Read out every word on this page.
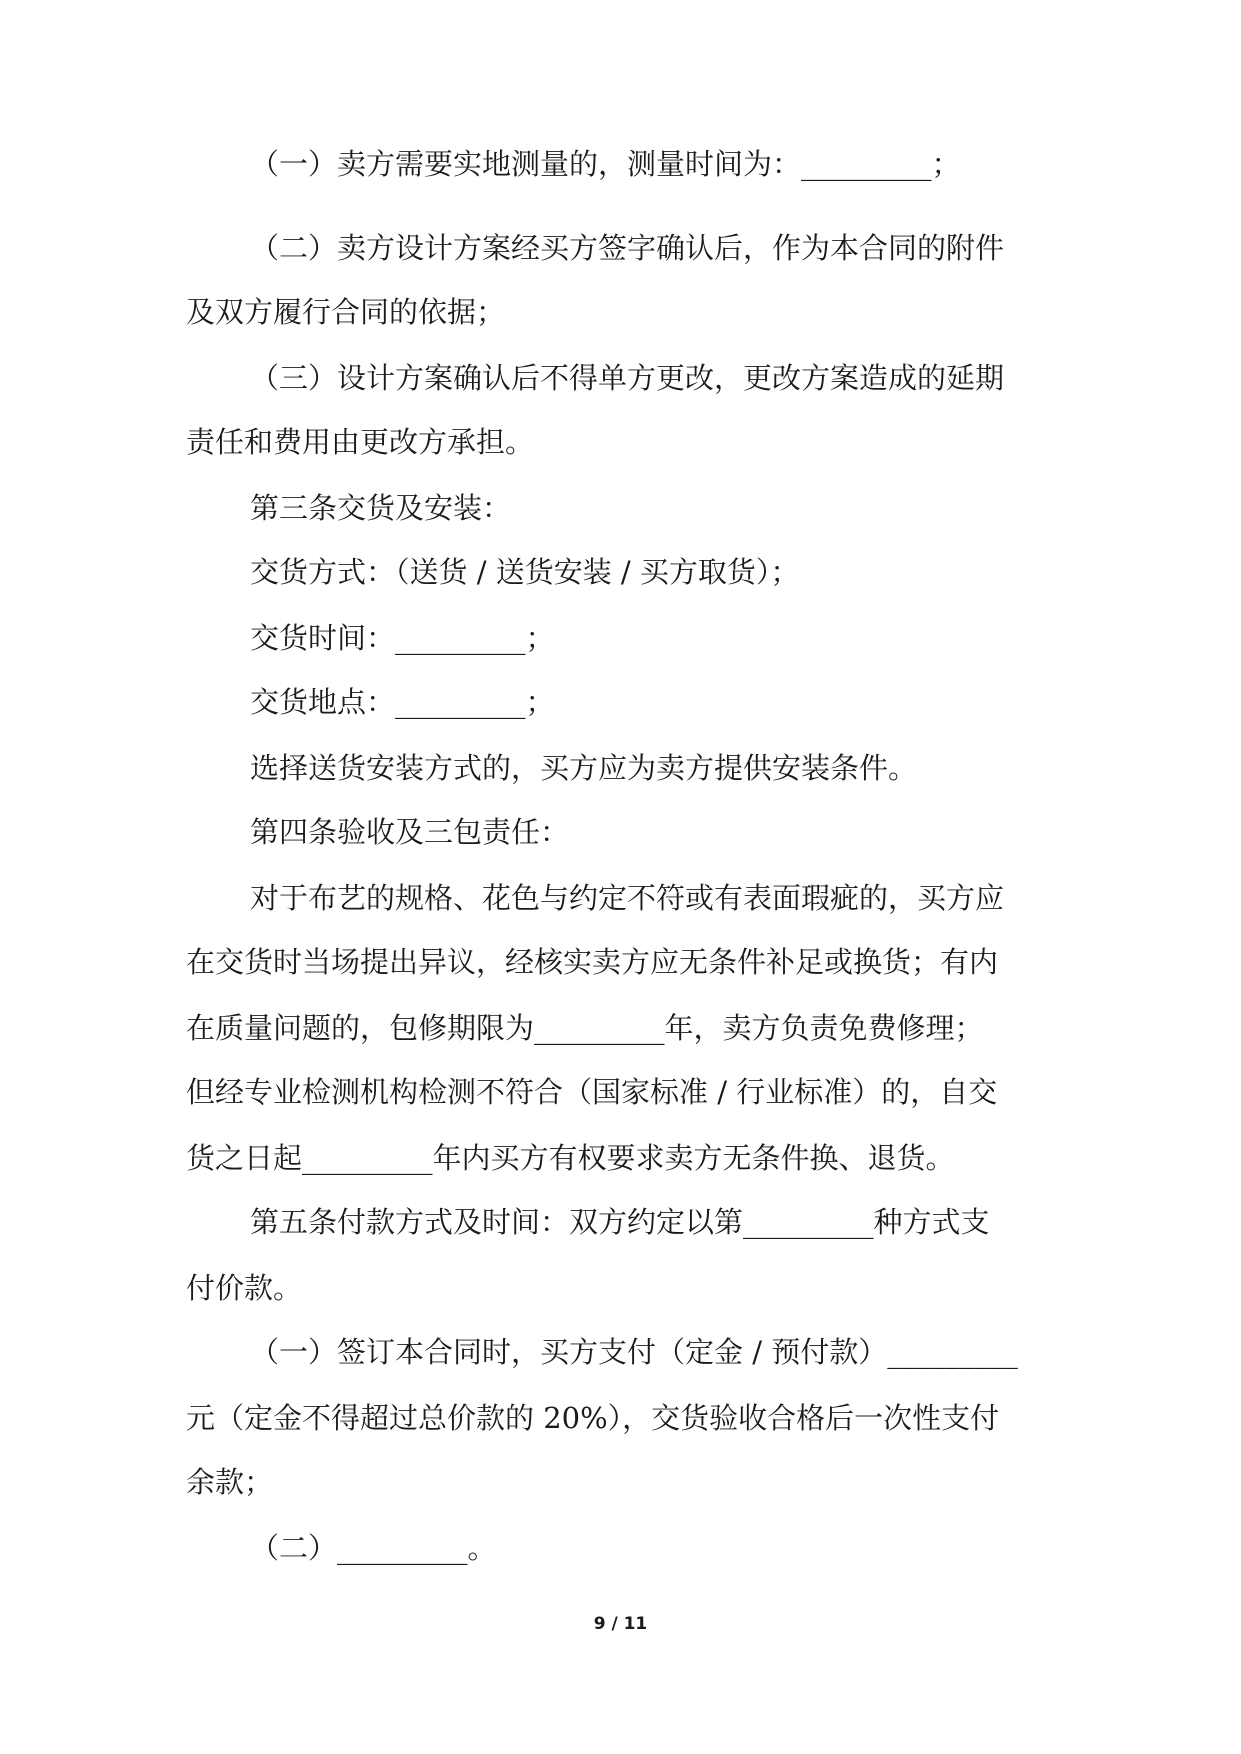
（一）卖方需要实地测量的，测量时间为：_________；
（二）卖方设计方案经买方签字确认后，作为本合同的附件
及双方履行合同的依据；
（三）设计方案确认后不得单方更改，更改方案造成的延期
责任和费用由更改方承担。
第三条交货及安装：
交货方式：（送货 / 送货安装 / 买方取货）；
交货时间：_________；
交货地点：_________；
选择送货安装方式的，买方应为卖方提供安装条件。
第四条验收及三包责任：
对于布艺的规格、花色与约定不符或有表面瑕疵的，买方应
在交货时当场提出异议，经核实卖方应无条件补足或换货；有内
在质量问题的，包修期限为_________年，卖方负责免费修理；
但经专业检测机构检测不符合（国家标准 / 行业标准）的，自交
货之日起_________年内买方有权要求卖方无条件换、退货。
第五条付款方式及时间：双方约定以第_________种方式支
付价款。
（一）签订本合同时，买方支付（定金 / 预付款）_________
元（定金不得超过总价款的 20%），交货验收合格后一次性支付
余款；
（二）_________。
9 / 11
